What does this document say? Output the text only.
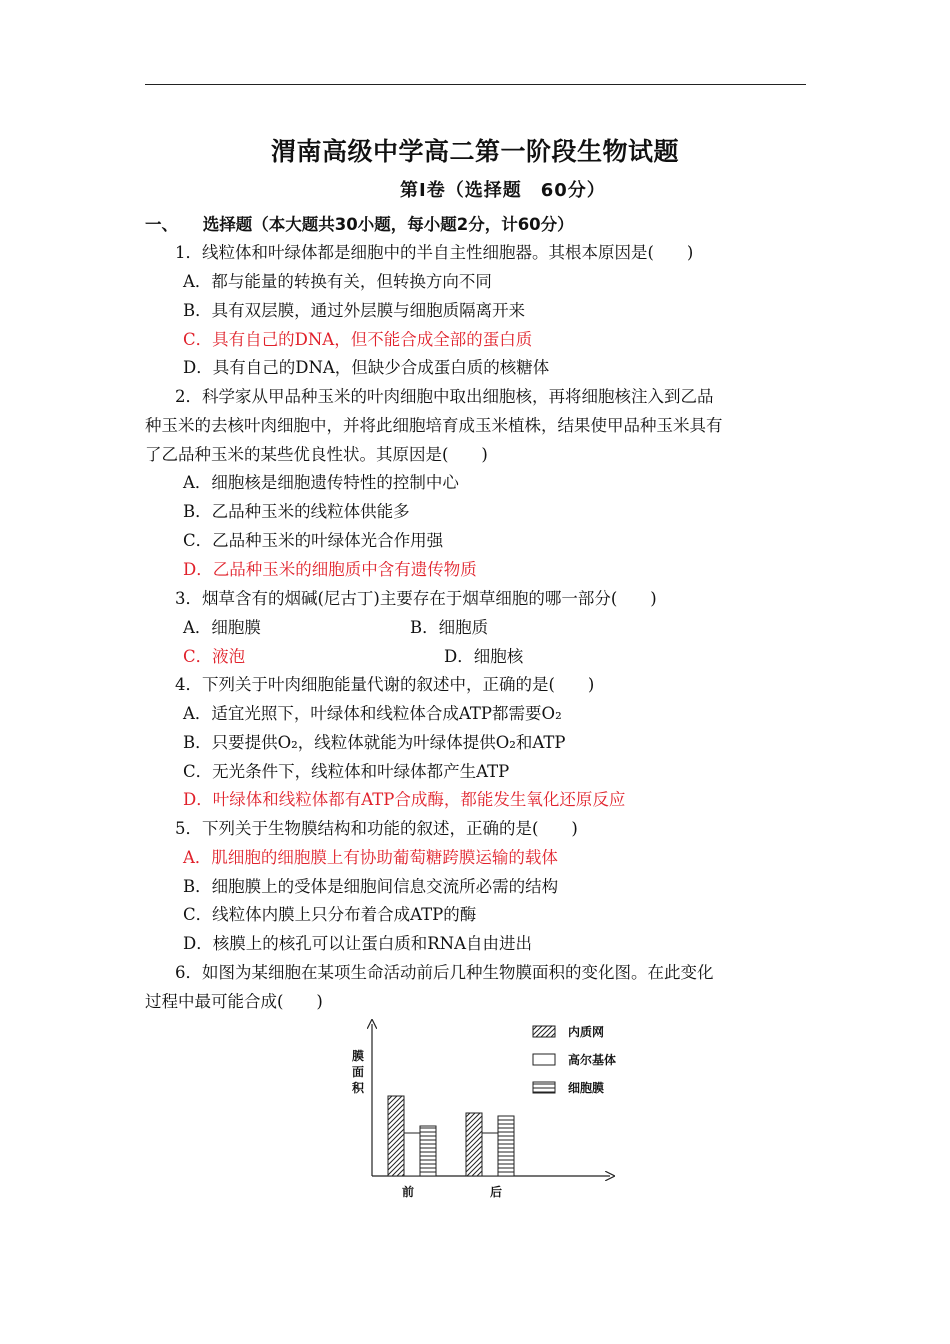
渭南高级中学高二第一阶段生物试题
第Ⅰ卷（选择题　60分）
一、　　选择题（本大题共30小题，每小题2分，计60分）
1．线粒体和叶绿体都是细胞中的半自主性细胞器。其根本原因是(　　)
A．都与能量的转换有关，但转换方向不同
B．具有双层膜，通过外层膜与细胞质隔离开来
C．具有自己的DNA，但不能合成全部的蛋白质
D．具有自己的DNA，但缺少合成蛋白质的核糖体
2．科学家从甲品种玉米的叶肉细胞中取出细胞核，再将细胞核注入到乙品
种玉米的去核叶肉细胞中，并将此细胞培育成玉米植株，结果使甲品种玉米具有
了乙品种玉米的某些优良性状。其原因是(　　)
A．细胞核是细胞遗传特性的控制中心
B．乙品种玉米的线粒体供能多
C．乙品种玉米的叶绿体光合作用强
D．乙品种玉米的细胞质中含有遗传物质
3．烟草含有的烟碱(尼古丁)主要存在于烟草细胞的哪一部分(　　)
A．细胞膜	B．细胞质
C．液泡	D．细胞核
4．下列关于叶肉细胞能量代谢的叙述中，正确的是(　　)
A．适宜光照下，叶绿体和线粒体合成ATP都需要O₂
B．只要提供O₂，线粒体就能为叶绿体提供O₂和ATP
C．无光条件下，线粒体和叶绿体都产生ATP
D．叶绿体和线粒体都有ATP合成酶，都能发生氧化还原反应
5．下列关于生物膜结构和功能的叙述，正确的是(　　)
A．肌细胞的细胞膜上有协助葡萄糖跨膜运输的载体
B．细胞膜上的受体是细胞间信息交流所必需的结构
C．线粒体内膜上只分布着合成ATP的酶
D．核膜上的核孔可以让蛋白质和RNA自由进出
6．如图为某细胞在某项生命活动前后几种生物膜面积的变化图。在此变化
过程中最可能合成(　　)
膜
面
积
前	后
内质网
高尔基体
细胞膜
